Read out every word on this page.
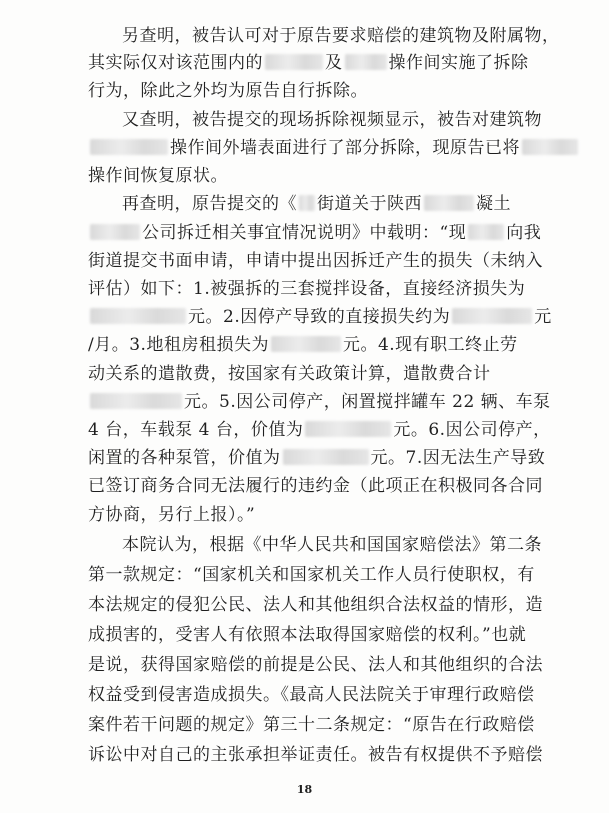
另查明，被告认可对于原告要求赔偿的建筑物及附属物，
其实际仅对该范围内的	及	操作间实施了拆除
行为，除此之外均为原告自行拆除。
又查明，被告提交的现场拆除视频显示，被告对建筑物
操作间外墙表面进行了部分拆除，现原告已将
操作间恢复原状。
再查明，原告提交的《 街道关于陕西	凝土
公司拆迁相关事宜情况说明》中载明：“现 向我
街道提交书面申请，申请中提出因拆迁产生的损失（未纳入
评估）如下：1.被强拆的三套搅拌设备，直接经济损失为
元。2.因停产导致的直接损失约为	元
/月。3.地租房租损失为	元。4.现有职工终止劳
动关系的遣散费，按国家有关政策计算，遣散费合计
元。5.因公司停产，闲置搅拌罐车 22 辆、车泵
4 台，车载泵 4 台，价值为	元。6.因公司停产，
闲置的各种泵管，价值为	元。7.因无法生产导致
已签订商务合同无法履行的违约金（此项正在积极同各合同
方协商，另行上报）。”
本院认为，根据《中华人民共和国国家赔偿法》第二条
第一款规定：“国家机关和国家机关工作人员行使职权，有
本法规定的侵犯公民、法人和其他组织合法权益的情形，造
成损害的，受害人有依照本法取得国家赔偿的权利。”也就
是说，获得国家赔偿的前提是公民、法人和其他组织的合法
权益受到侵害造成损失。《最高人民法院关于审理行政赔偿
案件若干问题的规定》第三十二条规定：“原告在行政赔偿
诉讼中对自己的主张承担举证责任。被告有权提供不予赔偿
18
